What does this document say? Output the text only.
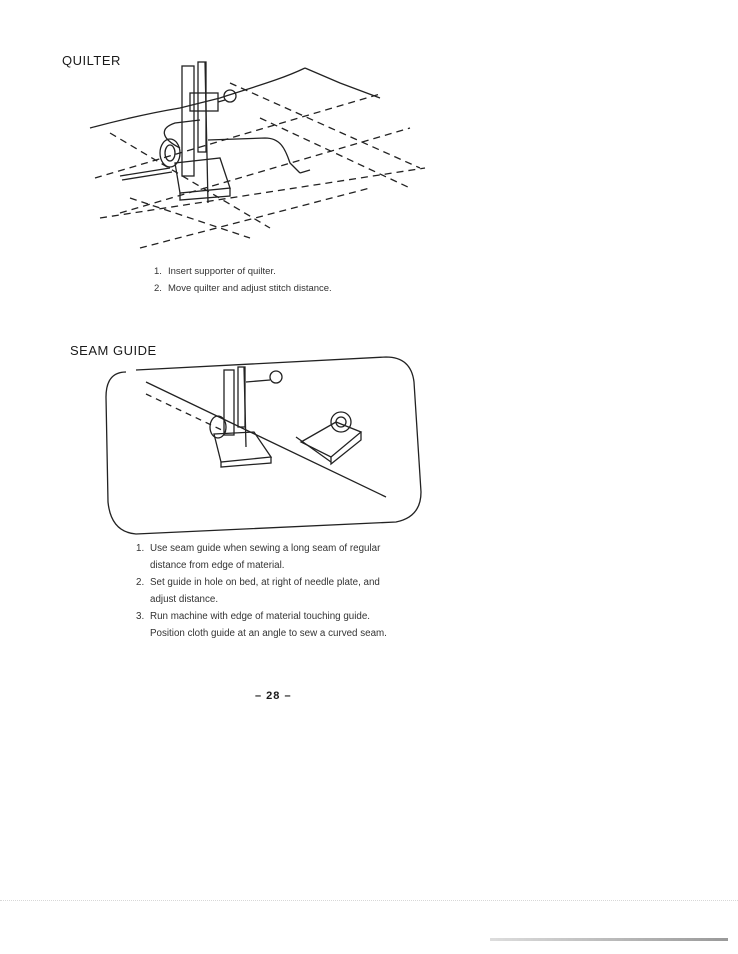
QUILTER
1. Insert supporter of quilter.
2. Move quilter and adjust stitch distance.
SEAM GUIDE
1. Use seam guide when sewing a long seam of regular distance from edge of material.
2. Set guide in hole on bed, at right of needle plate, and adjust distance.
3. Run machine with edge of material touching guide. Position cloth guide at an angle to sew a curved seam.
– 28 –
